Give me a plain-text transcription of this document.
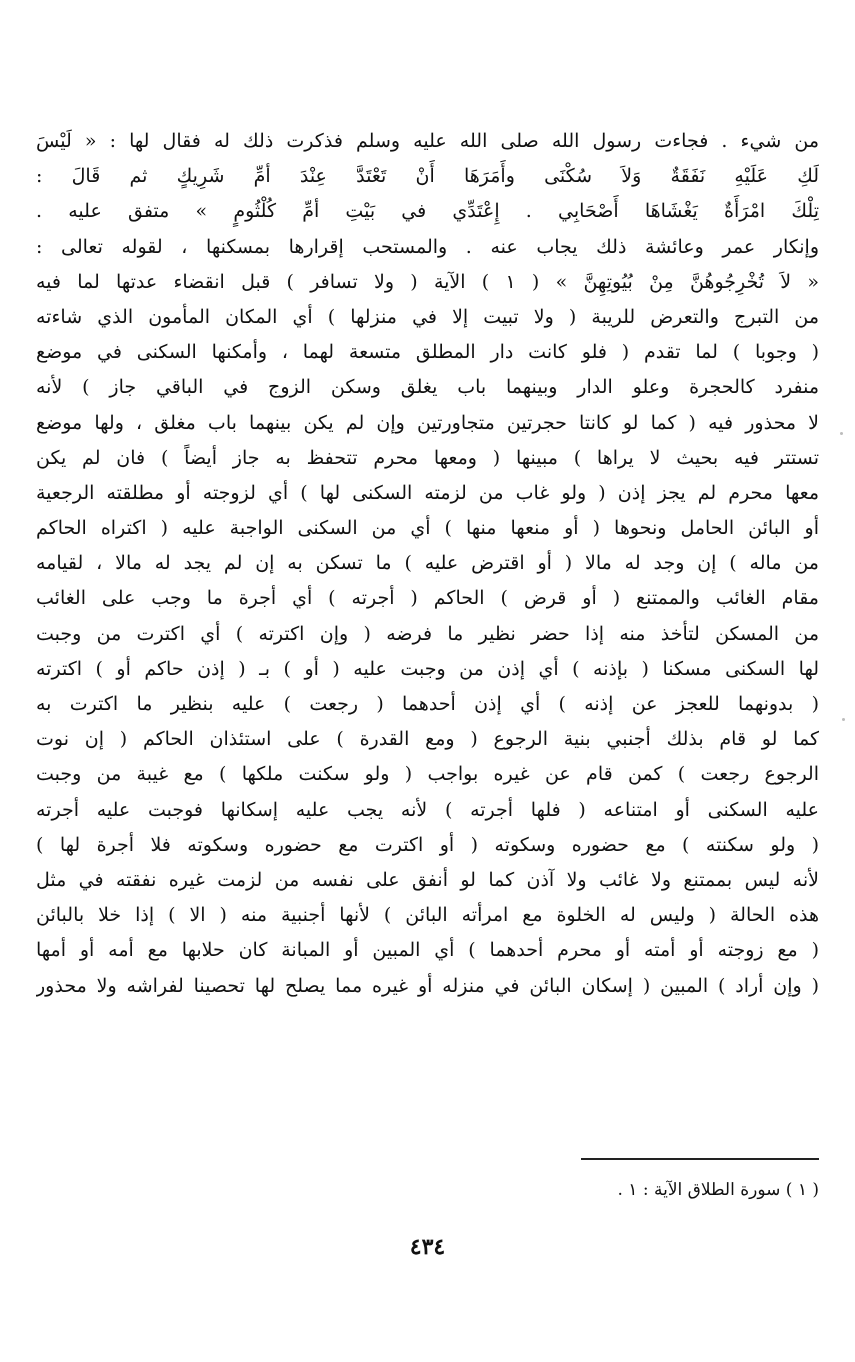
من شيء . فجاءت رسول الله صلى الله عليه وسلم فذكرت ذلك له فقال لها : « لَيْسَ
لَكِ عَلَيْهِ نَفَقَةٌ وَلاَ سُكْنَى وأَمَرَهَا أَنْ تَعْتَدَّ عِنْدَ أمِّ شَرِيكٍ ثم قَالَ :
تِلْكَ امْرَأَةٌ يَغْشَاهَا أَصْحَابِي . إِعْتَدِّي في بَيْتِ أمِّ كُلْثُومٍ » متفق عليه .
وإنكار عمر وعائشة ذلك يجاب عنه . والمستحب إقرارها بمسكنها ، لقوله تعالى :
« لاَ تُخْرِجُوهُنَّ مِنْ بُيُوتِهِنَّ » ( ١ ) الآية ( ولا تسافر ) قبل انقضاء عدتها لما فيه
من التبرج والتعرض للريبة ( ولا تبيت إلا في منزلها ) أي المكان المأمون الذي شاءته
( وجوبا ) لما تقدم ( فلو كانت دار المطلق متسعة لهما ، وأمكنها السكنى في موضع
منفرد كالحجرة وعلو الدار وبينهما باب يغلق وسكن الزوج في الباقي جاز ) لأنه
لا محذور فيه ( كما لو كانتا حجرتين متجاورتين وإن لم يكن بينهما باب مغلق ، ولها موضع
تستتر فيه بحيث لا يراها ) مبينها ( ومعها محرم تتحفظ به جاز أيضاً ) فان لم يكن
معها محرم لم يجز إذن ( ولو غاب من لزمته السكنى لها ) أي لزوجته أو مطلقته الرجعية
أو البائن الحامل ونحوها ( أو منعها منها ) أي من السكنى الواجبة عليه ( اكتراه الحاكم
من ماله ) إن وجد له مالا ( أو اقترض عليه ) ما تسكن به إن لم يجد له مالا ، لقيامه
مقام الغائب والممتنع ( أو قرض ) الحاكم ( أجرته ) أي أجرة ما وجب على الغائب
من المسكن لتأخذ منه إذا حضر نظير ما فرضه ( وإن اكترته ) أي اكترت من وجبت
لها السكنى مسكنا ( بإذنه ) أي إذن من وجبت عليه ( أو ) بـ ( إذن حاكم أو ) اكترته
( بدونهما للعجز عن إذنه ) أي إذن أحدهما ( رجعت ) عليه بنظير ما اكترت به
كما لو قام بذلك أجنبي بنية الرجوع ( ومع القدرة ) على استئذان الحاكم ( إن نوت
الرجوع رجعت ) كمن قام عن غيره بواجب ( ولو سكنت ملكها ) مع غيبة من وجبت
عليه السكنى أو امتناعه ( فلها أجرته ) لأنه يجب عليه إسكانها فوجبت عليه أجرته
( ولو سكنته ) مع حضوره وسكوته ( أو اكترت مع حضوره وسكوته فلا أجرة لها )
لأنه ليس بممتنع ولا غائب ولا آذن كما لو أنفق على نفسه من لزمت غيره نفقته في مثل
هذه الحالة ( وليس له الخلوة مع امرأته البائن ) لأنها أجنبية منه ( الا ) إذا خلا بالبائن
( مع زوجته أو أمته أو محرم أحدهما ) أي المبين أو المبانة كان حلابها مع أمه أو أمها
( وإن أراد ) المبين ( إسكان البائن في منزله أو غيره مما يصلح لها تحصينا لفراشه ولا محذور
( ١ ) سورة الطلاق الآية : ١ .
٤٣٤
